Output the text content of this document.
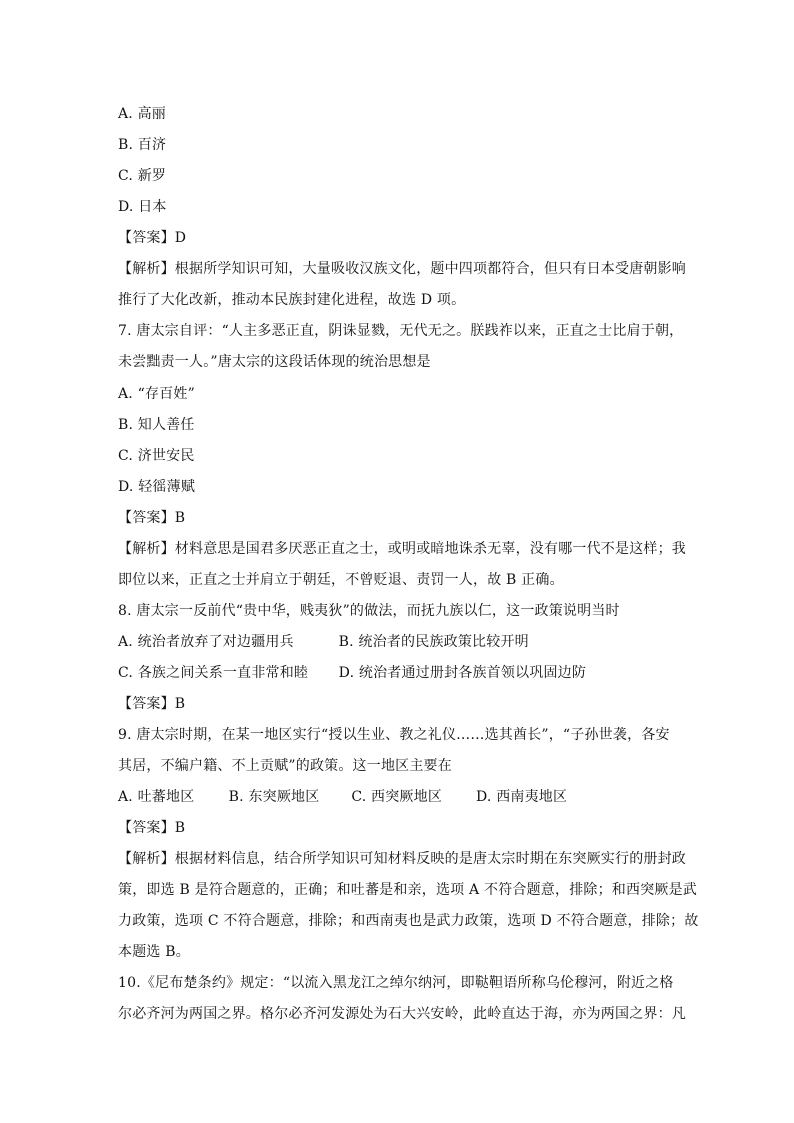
A. 高丽
B. 百济
C. 新罗
D. 日本
【答案】D
【解析】根据所学知识可知，大量吸收汉族文化，题中四项都符合，但只有日本受唐朝影响
推行了大化改新，推动本民族封建化进程，故选 D 项。
7. 唐太宗自评：“人主多恶正直，阴诛显戮，无代无之。朕践祚以来，正直之士比肩于朝，
未尝黜责一人。”唐太宗的这段话体现的统治思想是
A. “存百姓”
B. 知人善任
C. 济世安民
D. 轻徭薄赋
【答案】B
【解析】材料意思是国君多厌恶正直之士，或明或暗地诛杀无辜，没有哪一代不是这样；我
即位以来，正直之士并肩立于朝廷，不曾贬退、责罚一人，故 B 正确。
8. 唐太宗一反前代“贵中华，贱夷狄”的做法，而抚九族以仁，这一政策说明当时
A. 统治者放弃了对边疆用兵	B. 统治者的民族政策比较开明
C. 各族之间关系一直非常和睦 D. 统治者通过册封各族首领以巩固边防
【答案】B
9. 唐太宗时期，在某一地区实行“授以生业、教之礼仪……选其酋长”，“子孙世袭，各安
其居，不编户籍、不上贡赋”的政策。这一地区主要在
A. 吐蕃地区 B. 东突厥地区 C. 西突厥地区 D. 西南夷地区
【答案】B
【解析】根据材料信息，结合所学知识可知材料反映的是唐太宗时期在东突厥实行的册封政
策，即选 B 是符合题意的，正确；和吐蕃是和亲，选项 A 不符合题意，排除；和西突厥是武
力政策，选项 C 不符合题意，排除；和西南夷也是武力政策，选项 D 不符合题意，排除；故
本题选 B。
10.《尼布楚条约》规定：“以流入黑龙江之绰尔纳河，即鞑靼语所称乌伦穆河，附近之格
尔必齐河为两国之界。格尔必齐河发源处为石大兴安岭，此岭直达于海，亦为两国之界：凡
